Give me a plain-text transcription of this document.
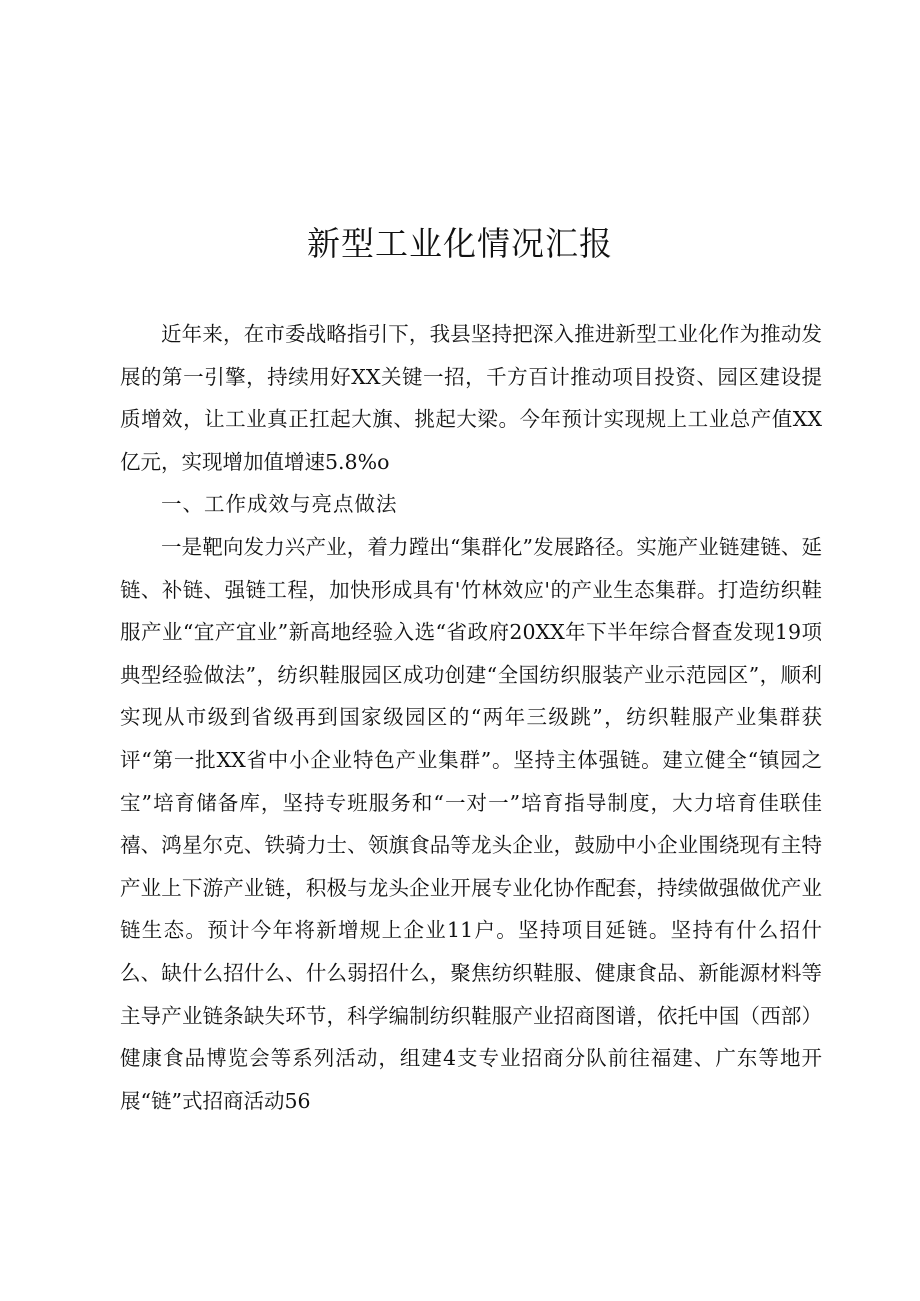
新型工业化情况汇报

近年来，在市委战略指引下，我县坚持把深入推进新型工业化作为推动发展的第一引擎，持续用好XX关键一招，千方百计推动项目投资、园区建设提质增效，让工业真正扛起大旗、挑起大梁。今年预计实现规上工业总产值XX亿元，实现增加值增速5.8%o

一、工作成效与亮点做法

一是靶向发力兴产业，着力蹚出“集群化”发展路径。实施产业链建链、延链、补链、强链工程，加快形成具有'竹林效应'的产业生态集群。打造纺织鞋服产业“宜产宜业”新高地经验入选“省政府20XX年下半年综合督查发现19项典型经验做法”，纺织鞋服园区成功创建“全国纺织服装产业示范园区”，顺利实现从市级到省级再到国家级园区的“两年三级跳”，纺织鞋服产业集群获评“第一批XX省中小企业特色产业集群”。坚持主体强链。建立健全“镇园之宝”培育储备库，坚持专班服务和“一对一”培育指导制度，大力培育佳联佳禧、鸿星尔克、铁骑力士、领旗食品等龙头企业，鼓励中小企业围绕现有主特产业上下游产业链，积极与龙头企业开展专业化协作配套，持续做强做优产业链生态。预计今年将新增规上企业11户。坚持项目延链。坚持有什么招什么、缺什么招什么、什么弱招什么，聚焦纺织鞋服、健康食品、新能源材料等主导产业链条缺失环节，科学编制纺织鞋服产业招商图谱，依托中国（西部）健康食品博览会等系列活动，组建4支专业招商分队前往福建、广东等地开展“链”式招商活动56
